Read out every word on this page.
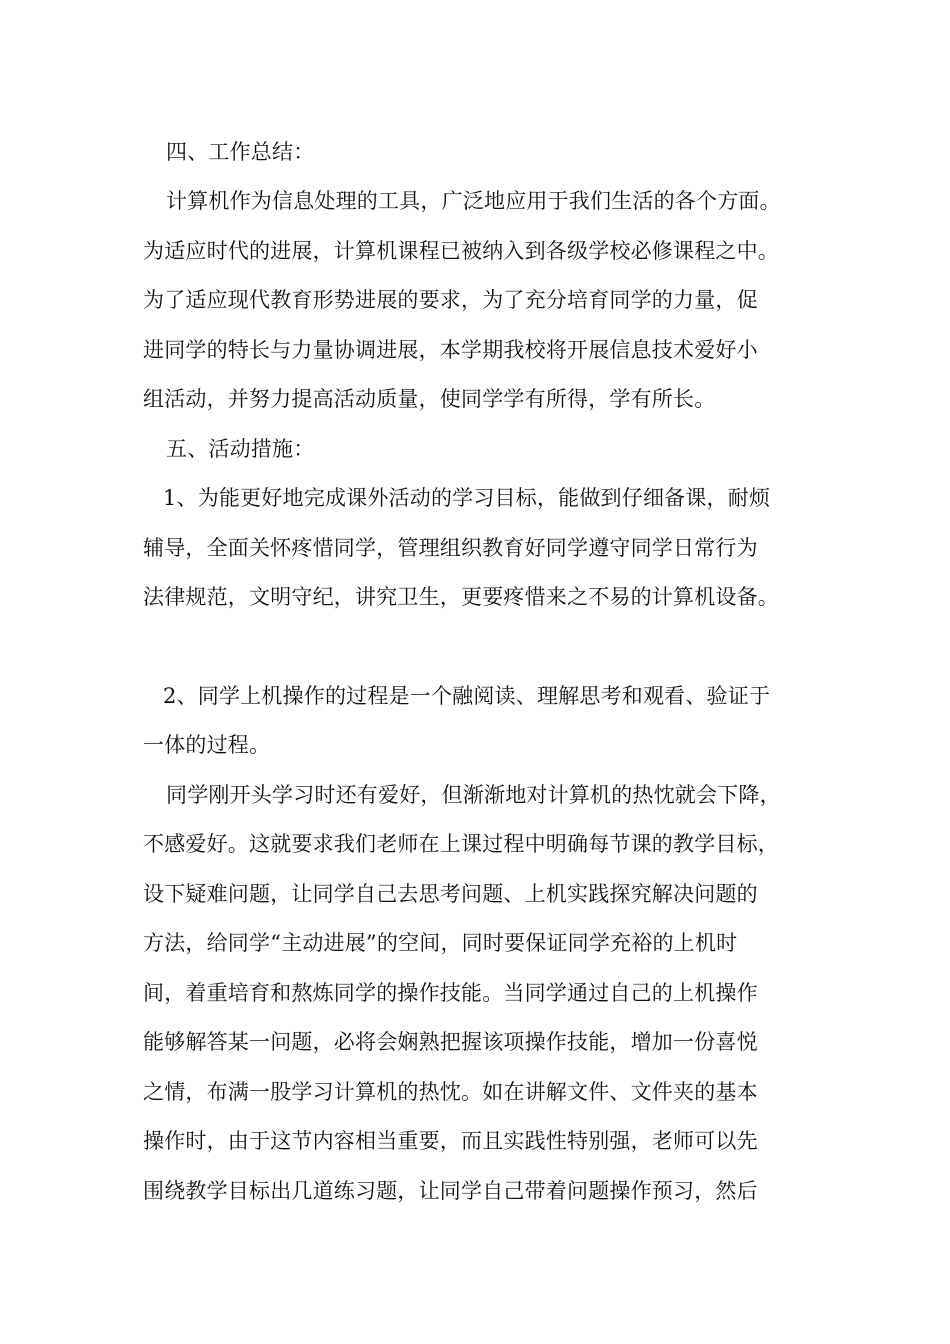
四、工作总结：
计算机作为信息处理的工具，广泛地应用于我们生活的各个方面。
为适应时代的进展，计算机课程已被纳入到各级学校必修课程之中。
为了适应现代教育形势进展的要求，为了充分培育同学的力量，促
进同学的特长与力量协调进展，本学期我校将开展信息技术爱好小
组活动，并努力提高活动质量，使同学学有所得，学有所长。
五、活动措施：
1、为能更好地完成课外活动的学习目标，能做到仔细备课，耐烦
辅导，全面关怀疼惜同学，管理组织教育好同学遵守同学日常行为
法律规范，文明守纪，讲究卫生，更要疼惜来之不易的计算机设备。
2、同学上机操作的过程是一个融阅读、理解思考和观看、验证于
一体的过程。
同学刚开头学习时还有爱好，但渐渐地对计算机的热忱就会下降，
不感爱好。这就要求我们老师在上课过程中明确每节课的教学目标，
设下疑难问题，让同学自己去思考问题、上机实践探究解决问题的
方法，给同学“主动进展”的空间，同时要保证同学充裕的上机时
间，着重培育和熬炼同学的操作技能。当同学通过自己的上机操作
能够解答某一问题，必将会娴熟把握该项操作技能，增加一份喜悦
之情，布满一股学习计算机的热忱。如在讲解文件、文件夹的基本
操作时，由于这节内容相当重要，而且实践性特别强，老师可以先
围绕教学目标出几道练习题，让同学自己带着问题操作预习，然后
